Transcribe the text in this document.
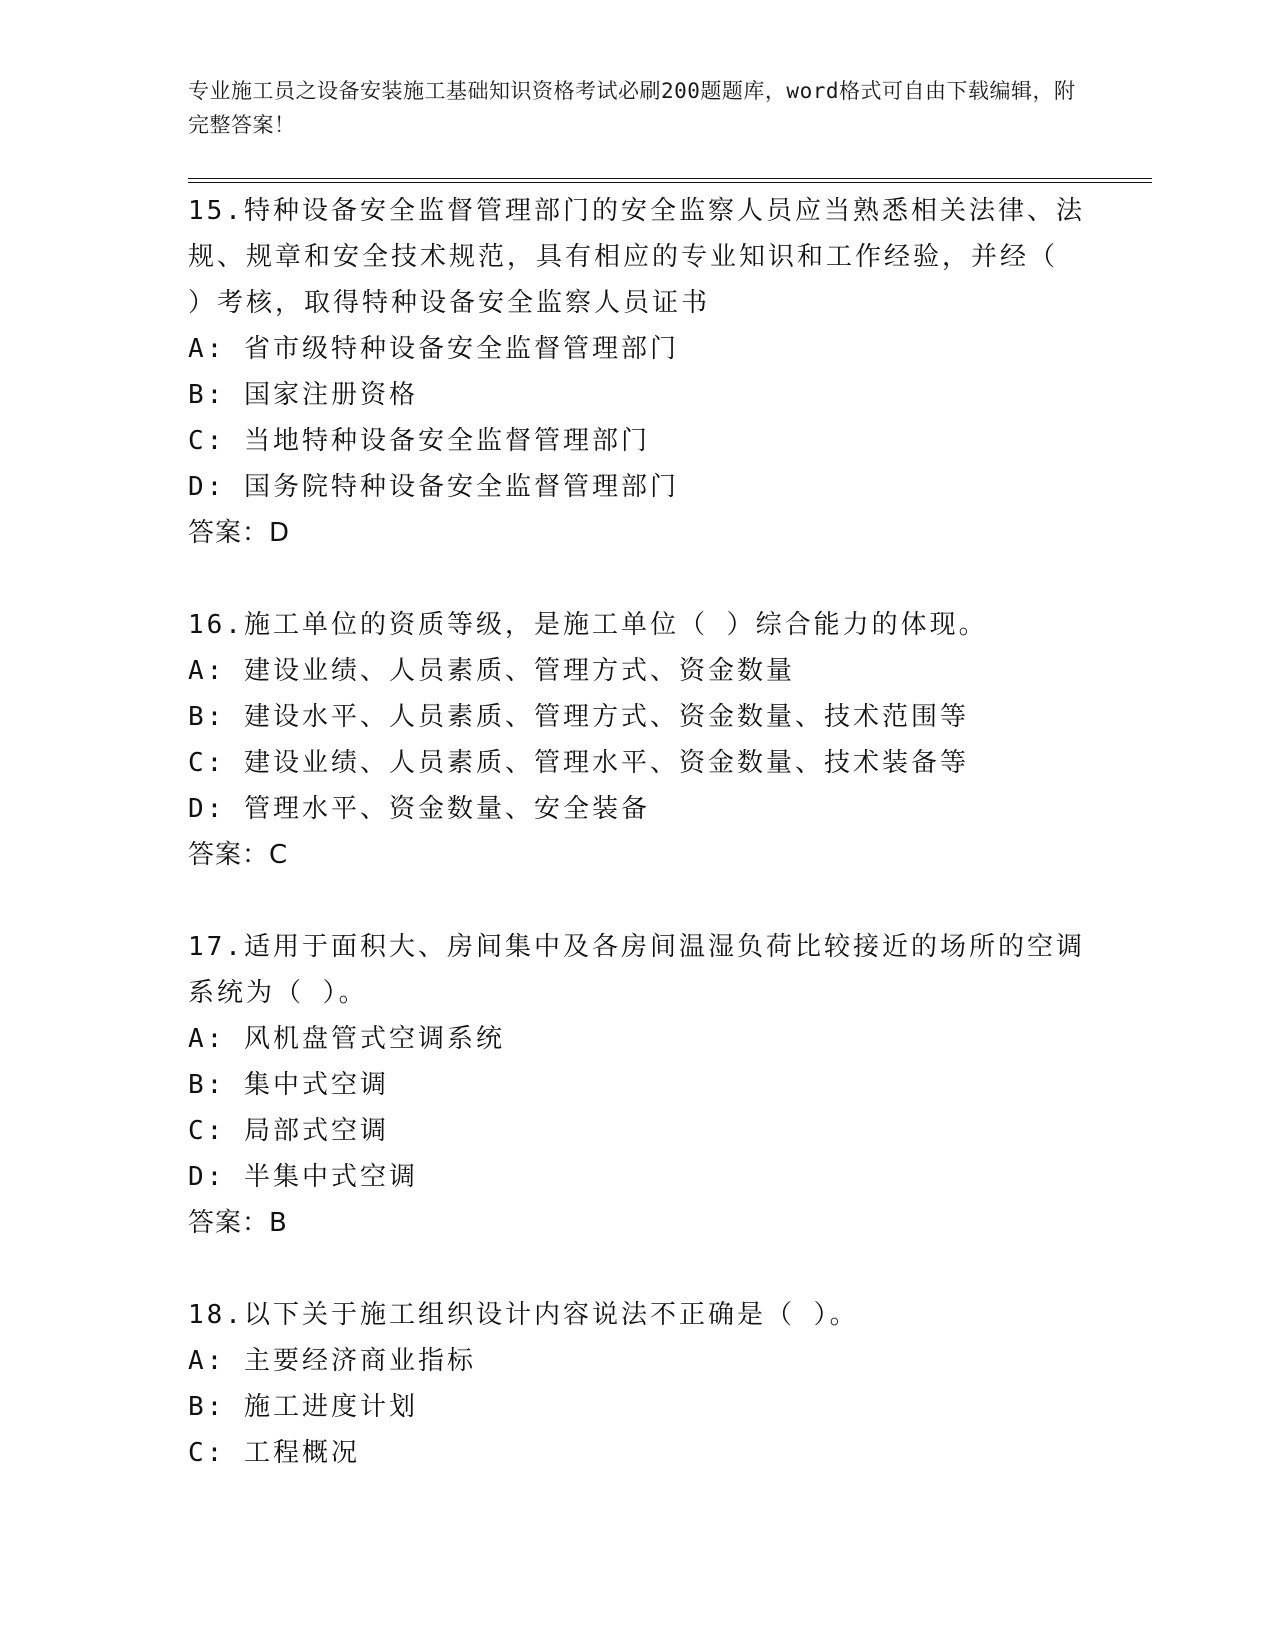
专业施工员之设备安装施工基础知识资格考试必刷200题题库，word格式可自由下载编辑，附完整答案！
15.特种设备安全监督管理部门的安全监察人员应当熟悉相关法律、法规、规章和安全技术规范，具有相应的专业知识和工作经验，并经（ ）考核，取得特种设备安全监察人员证书
A: 省市级特种设备安全监督管理部门
B: 国家注册资格
C: 当地特种设备安全监督管理部门
D: 国务院特种设备安全监督管理部门
答案：D
16.施工单位的资质等级，是施工单位（ ）综合能力的体现。
A: 建设业绩、人员素质、管理方式、资金数量
B: 建设水平、人员素质、管理方式、资金数量、技术范围等
C: 建设业绩、人员素质、管理水平、资金数量、技术装备等
D: 管理水平、资金数量、安全装备
答案：C
17.适用于面积大、房间集中及各房间温湿负荷比较接近的场所的空调系统为（ ）。
A: 风机盘管式空调系统
B: 集中式空调
C: 局部式空调
D: 半集中式空调
答案：B
18.以下关于施工组织设计内容说法不正确是（ ）。
A: 主要经济商业指标
B: 施工进度计划
C: 工程概况
